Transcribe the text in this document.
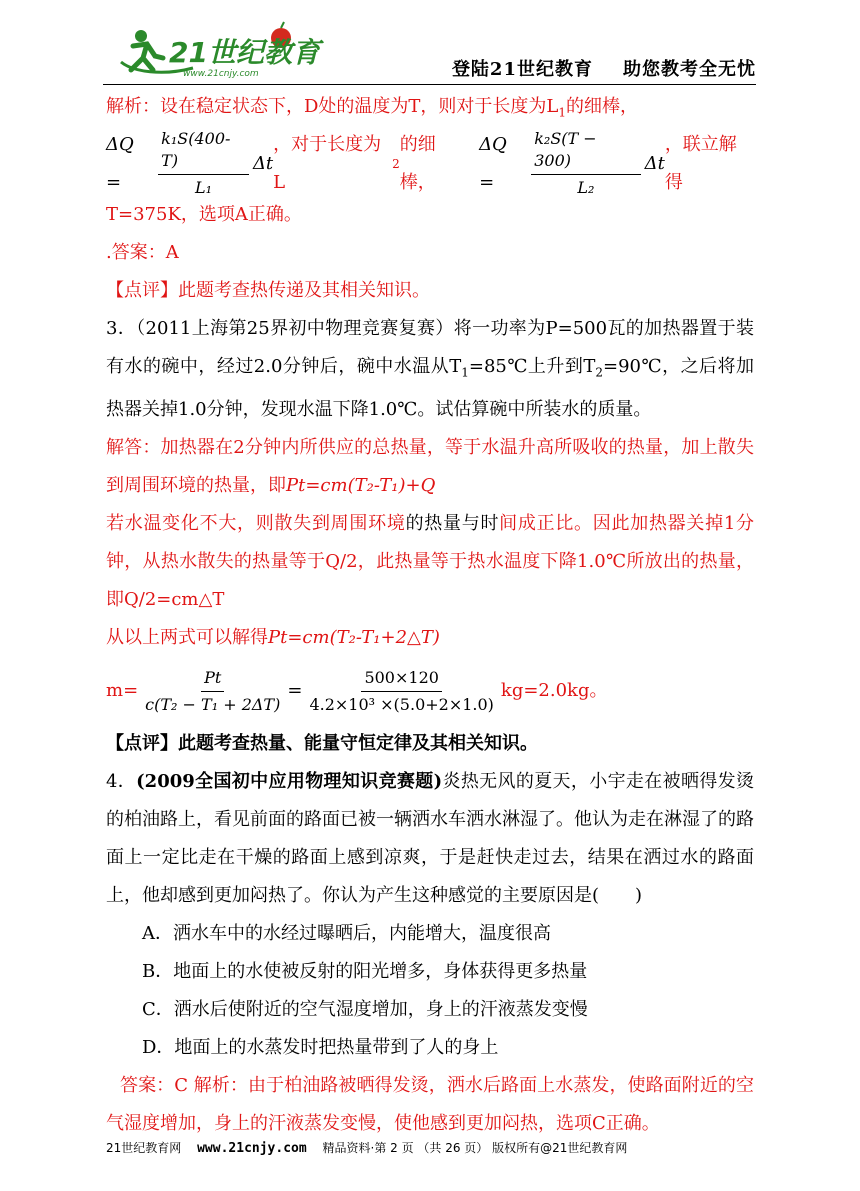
21世纪教育
www.21cnjy.com	登陆21世纪教育 助您教考全无忧

解析：设在稳定状态下，D处的温度为T，则对于长度为$L_1$的细棒，

ΔQ =	$\frac{\text{k₁S(400-T)}}{\text{L₁}}$ Δt
，对于长度为L
2
的细棒，
ΔQ =	$\frac{\text{k₂S(T − 300)}}{\text{L₂}}$ Δt
，联立解得

T=375K，选项A正确。

.答案：A

【点评】此题考查热传递及其相关知识。

3．（2011上海第25界初中物理竞赛复赛）将一功率为P=500瓦的加热器置于装有水的碗中，经过2.0分钟后，碗中水温从$T_1=85℃$上升到$T_2=90℃$，之后将加热器关掉1.0分钟，发现水温下降1.0℃。试估算碗中所装水的质量。

解答：加热器在2分钟内所供应的总热量，等于水温升高所吸收的热量，加上散失到周围环境的热量，即Pt=cm(T₂-T₁)+Q

若水温变化不大，则散失到周围环境的热量与时间成正比。因此加热器关掉1分钟，从热水散失的热量等于Q/2，此热量等于热水温度下降1.0℃所放出的热量，即Q/2=cm△T

从以上两式可以解得Pt=cm(T₂-T₁+2△T)

$m= \frac{Pt}{\text{c(T₂ − T₁ + 2ΔT)}} = \frac{500\times 120}{\text{4.2×10³ ×(5.0+2×1.0)}} kg=2.0kg$。

【点评】此题考查热量、能量守恒定律及其相关知识。

4．(2009全国初中应用物理知识竞赛题)炎热无风的夏天，小宇走在被晒得发烫的柏油路上，看见前面的路面已被一辆洒水车洒水淋湿了。他认为走在淋湿了的路面上一定比走在干燥的路面上感到凉爽，于是赶快走过去，结果在洒过水的路面上，他却感到更加闷热了。你认为产生这种感觉的主要原因是(　　)

A．洒水车中的水经过曝晒后，内能增大，温度很高

B．地面上的水使被反射的阳光增多，身体获得更多热量

C．洒水后使附近的空气湿度增加，身上的汗液蒸发变慢

D．地面上的水蒸发时把热量带到了人的身上

答案：C 解析：由于柏油路被晒得发烫，洒水后路面上水蒸发，使路面附近的空气湿度增加，身上的汗液蒸发变慢，使他感到更加闷热，选项C正确。

21世纪教育网 www.21cnjy.com 精品资料·第 2 页 （共 26 页） 版权所有@21世纪教育网
